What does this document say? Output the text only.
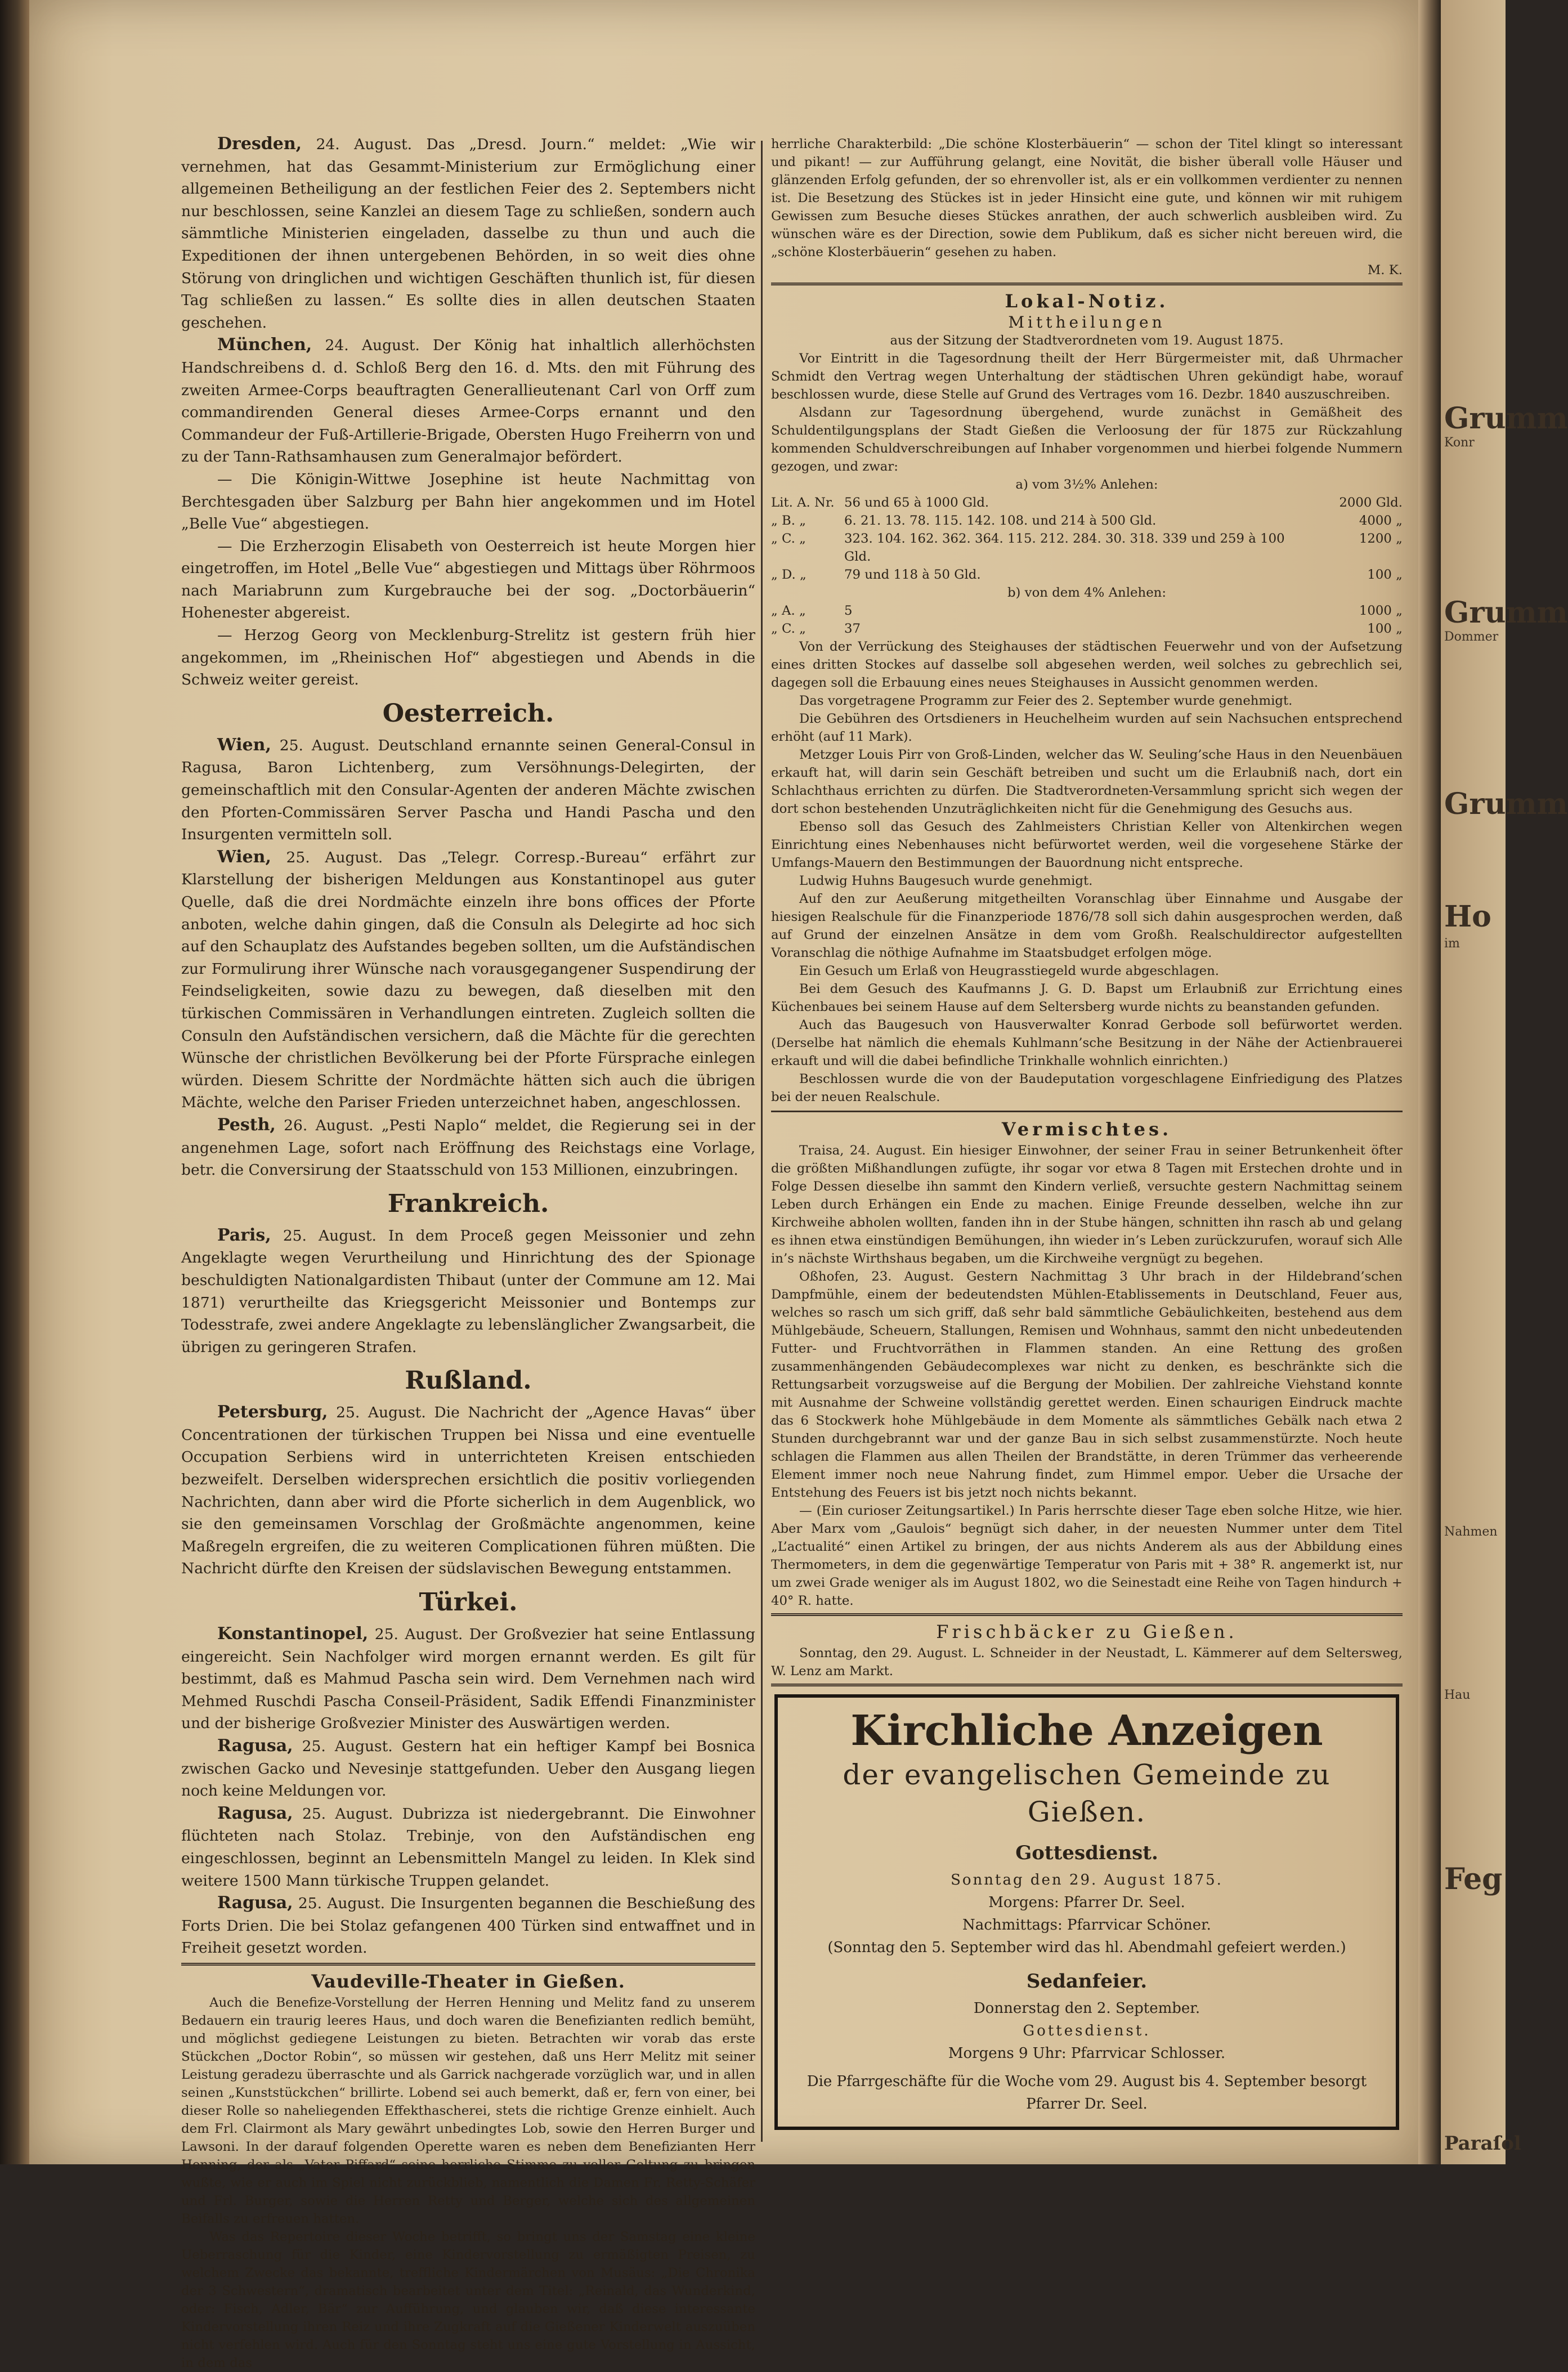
Grumm
Konr
Grumm
Dommer
Grumm
Ho
im
Nahmen
Hau
Feg
Paraſol

Dresden, 24. August. Das „Dresd. Journ.“ meldet: „Wie wir vernehmen, hat das Gesammt-Ministerium zur Ermöglichung einer allgemeinen Betheiligung an der festlichen Feier des 2. Septembers nicht nur beschlossen, seine Kanzlei an diesem Tage zu schließen, sondern auch sämmtliche Ministerien eingeladen, dasselbe zu thun und auch die Expeditionen der ihnen untergebenen Behörden, in so weit dies ohne Störung von dringlichen und wichtigen Geschäften thunlich ist, für diesen Tag schließen zu lassen.“ Es sollte dies in allen deutschen Staaten geschehen.

München, 24. August. Der König hat inhaltlich allerhöchsten Handschreibens d. d. Schloß Berg den 16. d. Mts. den mit Führung des zweiten Armee-Corps beauftragten Generallieutenant Carl von Orff zum commandirenden General dieses Armee-Corps ernannt und den Commandeur der Fuß-Artillerie-Brigade, Obersten Hugo Freiherrn von und zu der Tann-Rathsamhausen zum Generalmajor befördert.

— Die Königin-Wittwe Josephine ist heute Nachmittag von Berchtesgaden über Salzburg per Bahn hier angekommen und im Hotel „Belle Vue“ abgestiegen.

— Die Erzherzogin Elisabeth von Oesterreich ist heute Morgen hier eingetroffen, im Hotel „Belle Vue“ abgestiegen und Mittags über Röhrmoos nach Mariabrunn zum Kurgebrauche bei der sog. „Doctorbäuerin“ Hohenester abgereist.

— Herzog Georg von Mecklenburg-Strelitz ist gestern früh hier angekommen, im „Rheinischen Hof“ abgestiegen und Abends in die Schweiz weiter gereist.

Oesterreich.

Wien, 25. August. Deutschland ernannte seinen General-Consul in Ragusa, Baron Lichtenberg, zum Versöhnungs-Delegirten, der gemeinschaftlich mit den Consular-Agenten der anderen Mächte zwischen den Pforten-Commissären Server Pascha und Handi Pascha und den Insurgenten vermitteln soll.

Wien, 25. August. Das „Telegr. Corresp.-Bureau“ erfährt zur Klarstellung der bisherigen Meldungen aus Konstantinopel aus guter Quelle, daß die drei Nordmächte einzeln ihre bons offices der Pforte anboten, welche dahin gingen, daß die Consuln als Delegirte ad hoc sich auf den Schauplatz des Aufstandes begeben sollten, um die Aufständischen zur Formulirung ihrer Wünsche nach vorausgegangener Suspendirung der Feindseligkeiten, sowie dazu zu bewegen, daß dieselben mit den türkischen Commissären in Verhandlungen eintreten. Zugleich sollten die Consuln den Aufständischen versichern, daß die Mächte für die gerechten Wünsche der christlichen Bevölkerung bei der Pforte Fürsprache einlegen würden. Diesem Schritte der Nordmächte hätten sich auch die übrigen Mächte, welche den Pariser Frieden unterzeichnet haben, angeschlossen.

Pesth, 26. August. „Pesti Naplo“ meldet, die Regierung sei in der angenehmen Lage, sofort nach Eröffnung des Reichstags eine Vorlage, betr. die Conversirung der Staatsschuld von 153 Millionen, einzubringen.

Frankreich.

Paris, 25. August. In dem Proceß gegen Meissonier und zehn Angeklagte wegen Verurtheilung und Hinrichtung des der Spionage beschuldigten Nationalgardisten Thibaut (unter der Commune am 12. Mai 1871) verurtheilte das Kriegsgericht Meissonier und Bontemps zur Todesstrafe, zwei andere Angeklagte zu lebenslänglicher Zwangsarbeit, die übrigen zu geringeren Strafen.

Rußland.

Petersburg, 25. August. Die Nachricht der „Agence Havas“ über Concentrationen der türkischen Truppen bei Nissa und eine eventuelle Occupation Serbiens wird in unterrichteten Kreisen entschieden bezweifelt. Derselben widersprechen ersichtlich die positiv vorliegenden Nachrichten, dann aber wird die Pforte sicherlich in dem Augenblick, wo sie den gemeinsamen Vorschlag der Großmächte angenommen, keine Maßregeln ergreifen, die zu weiteren Complicationen führen müßten. Die Nachricht dürfte den Kreisen der südslavischen Bewegung entstammen.

Türkei.

Konstantinopel, 25. August. Der Großvezier hat seine Entlassung eingereicht. Sein Nachfolger wird morgen ernannt werden. Es gilt für bestimmt, daß es Mahmud Pascha sein wird. Dem Vernehmen nach wird Mehmed Ruschdi Pascha Conseil-Präsident, Sadik Effendi Finanzminister und der bisherige Großvezier Minister des Auswärtigen werden.

Ragusa, 25. August. Gestern hat ein heftiger Kampf bei Bosnica zwischen Gacko und Nevesinje stattgefunden. Ueber den Ausgang liegen noch keine Meldungen vor.

Ragusa, 25. August. Dubrizza ist niedergebrannt. Die Einwohner flüchteten nach Stolaz. Trebinje, von den Aufständischen eng eingeschlossen, beginnt an Lebensmitteln Mangel zu leiden. In Klek sind weitere 1500 Mann türkische Truppen gelandet.

Ragusa, 25. August. Die Insurgenten begannen die Beschießung des Forts Drien. Die bei Stolaz gefangenen 400 Türken sind entwaffnet und in Freiheit gesetzt worden.

Vaudeville-Theater in Gießen.

Auch die Benefize-Vorstellung der Herren Henning und Melitz fand zu unserem Bedauern ein traurig leeres Haus, und doch waren die Benefizianten redlich bemüht, und möglichst gediegene Leistungen zu bieten. Betrachten wir vorab das erste Stückchen „Doctor Robin“, so müssen wir gestehen, daß uns Herr Melitz mit seiner Leistung geradezu überraschte und als Garrick nachgerade vorzüglich war, und in allen seinen „Kunststückchen“ brillirte. Lobend sei auch bemerkt, daß er, fern von einer, bei dieser Rolle so naheliegenden Effekthascherei, stets die richtige Grenze einhielt. Auch dem Frl. Clairmont als Mary gewährt unbedingtes Lob, sowie den Herren Burger und Lawsoni. In der darauf folgenden Operette waren es neben dem Benefizianten Herr Henning, der als „Vater Piffard“ seine herrliche Stimme zu voller Geltung zu bringen wußte, wie er auch im Spiel nicht zurückblieb, namentlich die Damen Fr. Retty-Schäfer und Frl. Burger, sowie die Herren Retty und Berger, welche sich des allgemeinen Beifalls zu erfreuen hatten.

Was das Repertoire dieser Woche betrifft, so bringt uns der Samstag eine kleine Ueberraschung für die Kinder, eine Kindervorstellung zu ermäßigten Preisen, zu welchem Zwecke das bekannte, treffliche Kindermärchen von Musäus: „Die Chronika der 3 Schwestern“, dramatisch bearbeitet unter dem Titel: „Reinald, das Wunderkind, oder: Fisch, Adler, Bär“ zur Aufführung, und glauben wir, daß diese interessante Kindervorstellung ihren Reiz und ihre Zugkraft auf die Gießener Kinderwelt auszuüben nicht verfehlen wird. Auch für den Sonntag steht uns eine gute Vorstellung in Aussicht, in dem das

herrliche Charakterbild: „Die schöne Klosterbäuerin“ — schon der Titel klingt so interessant und pikant! — zur Aufführung gelangt, eine Novität, die bisher überall volle Häuser und glänzenden Erfolg gefunden, der so ehrenvoller ist, als er ein vollkommen verdienter zu nennen ist. Die Besetzung des Stückes ist in jeder Hinsicht eine gute, und können wir mit ruhigem Gewissen zum Besuche dieses Stückes anrathen, der auch schwerlich ausbleiben wird. Zu wünschen wäre es der Direction, sowie dem Publikum, daß es sicher nicht bereuen wird, die „schöne Klosterbäuerin“ gesehen zu haben.

M. K.
Lokal-Notiz.
Mittheilungen
aus der Sitzung der Stadtverordneten vom 19. August 1875.

Vor Eintritt in die Tagesordnung theilt der Herr Bürgermeister mit, daß Uhrmacher Schmidt den Vertrag wegen Unterhaltung der städtischen Uhren gekündigt habe, worauf beschlossen wurde, diese Stelle auf Grund des Vertrages vom 16. Dezbr. 1840 auszuschreiben.

Alsdann zur Tagesordnung übergehend, wurde zunächst in Gemäßheit des Schuldentilgungsplans der Stadt Gießen die Verloosung der für 1875 zur Rückzahlung kommenden Schuldverschreibungen auf Inhaber vorgenommen und hierbei folgende Nummern gezogen, und zwar:

a) vom 3½% Anlehen:
Lit. A. Nr. 56 und 65 à 1000 Gld.	2000 Gld.
„ B. „	6. 21. 13. 78. 115. 142. 108. und 214 à 500 Gld.	4000 „
„ C. „	323. 104. 162. 362. 364. 115. 212. 284. 30. 318. 339 und 259 à 100 Gld.
1200 „
„ D. „	79 und 118 à 50 Gld.	100 „
b) von dem 4% Anlehen:
„ A. „	5	1000 „
„ C. „	37	100 „

Von der Verrückung des Steighauses der städtischen Feuerwehr und von der Aufsetzung eines dritten Stockes auf dasselbe soll abgesehen werden, weil solches zu gebrechlich sei, dagegen soll die Erbauung eines neues Steighauses in Aussicht genommen werden.

Das vorgetragene Programm zur Feier des 2. September wurde genehmigt.

Die Gebühren des Ortsdieners in Heuchelheim wurden auf sein Nachsuchen entsprechend erhöht (auf 11 Mark).

Metzger Louis Pirr von Groß-Linden, welcher das W. Seuling’sche Haus in den Neuenbäuen erkauft hat, will darin sein Geschäft betreiben und sucht um die Erlaubniß nach, dort ein Schlachthaus errichten zu dürfen. Die Stadtverordneten-Versammlung spricht sich wegen der dort schon bestehenden Unzuträglichkeiten nicht für die Genehmigung des Gesuchs aus.

Ebenso soll das Gesuch des Zahlmeisters Christian Keller von Altenkirchen wegen Einrichtung eines Nebenhauses nicht befürwortet werden, weil die vorgesehene Stärke der Umfangs-Mauern den Bestimmungen der Bauordnung nicht entspreche.

Ludwig Huhns Baugesuch wurde genehmigt.

Auf den zur Aeußerung mitgetheilten Voranschlag über Einnahme und Ausgabe der hiesigen Realschule für die Finanzperiode 1876/78 soll sich dahin ausgesprochen werden, daß auf Grund der einzelnen Ansätze in dem vom Großh. Realschuldirector aufgestellten Voranschlag die nöthige Aufnahme im Staatsbudget erfolgen möge.

Ein Gesuch um Erlaß von Heugrasstiegeld wurde abgeschlagen.

Bei dem Gesuch des Kaufmanns J. G. D. Bapst um Erlaubniß zur Errichtung eines Küchenbaues bei seinem Hause auf dem Seltersberg wurde nichts zu beanstanden gefunden.

Auch das Baugesuch von Hausverwalter Konrad Gerbode soll befürwortet werden. (Derselbe hat nämlich die ehemals Kuhlmann’sche Besitzung in der Nähe der Actienbrauerei erkauft und will die dabei befindliche Trinkhalle wohnlich einrichten.)

Beschlossen wurde die von der Baudeputation vorgeschlagene Einfriedigung des Platzes bei der neuen Realschule.

Vermischtes.

Traisa, 24. August. Ein hiesiger Einwohner, der seiner Frau in seiner Betrunkenheit öfter die größten Mißhandlungen zufügte, ihr sogar vor etwa 8 Tagen mit Erstechen drohte und in Folge Dessen dieselbe ihn sammt den Kindern verließ, versuchte gestern Nachmittag seinem Leben durch Erhängen ein Ende zu machen. Einige Freunde desselben, welche ihn zur Kirchweihe abholen wollten, fanden ihn in der Stube hängen, schnitten ihn rasch ab und gelang es ihnen etwa einstündigen Bemühungen, ihn wieder in’s Leben zurückzurufen, worauf sich Alle in’s nächste Wirthshaus begaben, um die Kirchweihe vergnügt zu begehen.

Oßhofen, 23. August. Gestern Nachmittag 3 Uhr brach in der Hildebrand’schen Dampfmühle, einem der bedeutendsten Mühlen-Etablissements in Deutschland, Feuer aus, welches so rasch um sich griff, daß sehr bald sämmtliche Gebäulichkeiten, bestehend aus dem Mühlgebäude, Scheuern, Stallungen, Remisen und Wohnhaus, sammt den nicht unbedeutenden Futter- und Fruchtvorräthen in Flammen standen. An eine Rettung des großen zusammenhängenden Gebäudecomplexes war nicht zu denken, es beschränkte sich die Rettungsarbeit vorzugsweise auf die Bergung der Mobilien. Der zahlreiche Viehstand konnte mit Ausnahme der Schweine vollständig gerettet werden. Einen schaurigen Eindruck machte das 6 Stockwerk hohe Mühlgebäude in dem Momente als sämmtliches Gebälk nach etwa 2 Stunden durchgebrannt war und der ganze Bau in sich selbst zusammenstürzte. Noch heute schlagen die Flammen aus allen Theilen der Brandstätte, in deren Trümmer das verheerende Element immer noch neue Nahrung findet, zum Himmel empor. Ueber die Ursache der Entstehung des Feuers ist bis jetzt noch nichts bekannt.

— (Ein curioser Zeitungsartikel.) In Paris herrschte dieser Tage eben solche Hitze, wie hier. Aber Marx vom „Gaulois“ begnügt sich daher, in der neuesten Nummer unter dem Titel „L’actualité“ einen Artikel zu bringen, der aus nichts Anderem als aus der Abbildung eines Thermometers, in dem die gegenwärtige Temperatur von Paris mit + 38° R. angemerkt ist, nur um zwei Grade weniger als im August 1802, wo die Seinestadt eine Reihe von Tagen hindurch + 40° R. hatte.

Frischbäcker zu Gießen.

Sonntag, den 29. August. L. Schneider in der Neustadt, L. Kämmerer auf dem Seltersweg, W. Lenz am Markt.

Kirchliche Anzeigen
der evangelischen Gemeinde zu Gießen.
Gottesdienst.

Sonntag den 29. August 1875.

Morgens: Pfarrer Dr. Seel.

Nachmittags: Pfarrvicar Schöner.

(Sonntag den 5. September wird das hl. Abendmahl gefeiert werden.)

Sedanfeier.

Donnerstag den 2. September.

Gottesdienst.

Morgens 9 Uhr: Pfarrvicar Schlosser.

Die Pfarrgeschäfte für die Woche vom 29. August bis 4. September besorgt Pfarrer Dr. Seel.
